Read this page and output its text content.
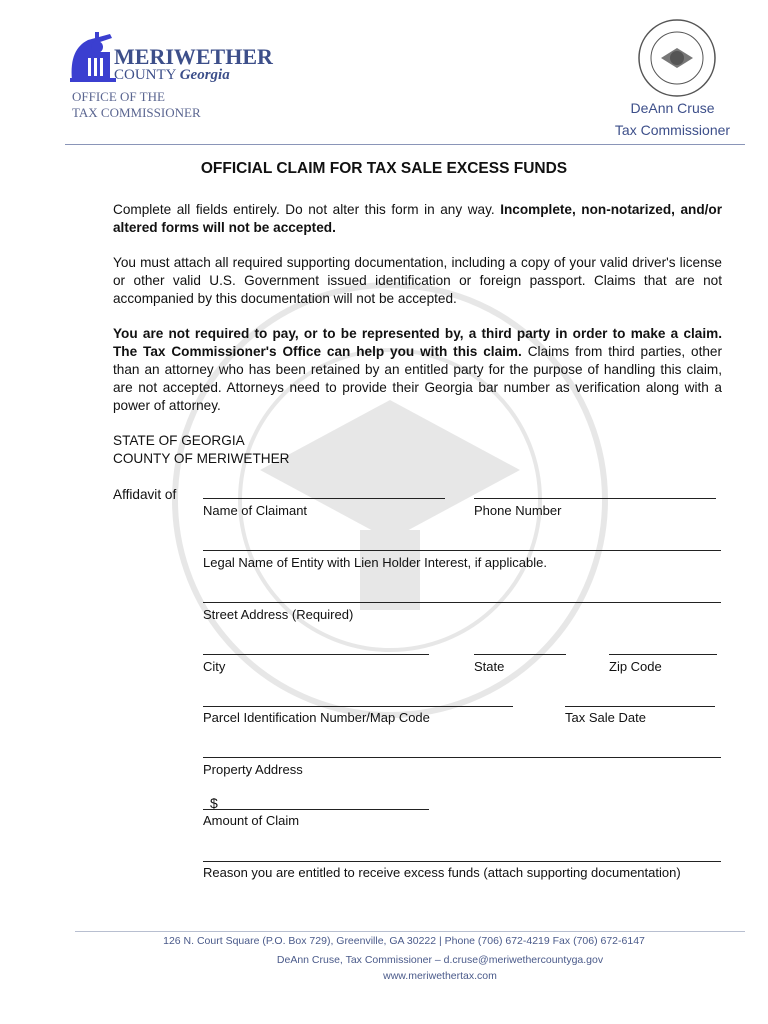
MERIWETHER
COUNTY Georgia
OFFICE OF THE
TAX COMMISSIONER	DeAnn Cruse
Tax Commissioner
OFFICIAL CLAIM FOR TAX SALE EXCESS FUNDS
Complete all fields entirely. Do not alter this form in any way. Incomplete, non-notarized, and/or altered forms will not be accepted.
You must attach all required supporting documentation, including a copy of your valid driver's license or other valid U.S. Government issued identification or foreign passport. Claims that are not accompanied by this documentation will not be accepted.
You are not required to pay, or to be represented by, a third party in order to make a claim. The Tax Commissioner's Office can help you with this claim. Claims from third parties, other than an attorney who has been retained by an entitled party for the purpose of handling this claim, are not accepted. Attorneys need to provide their Georgia bar number as verification along with a power of attorney.
STATE OF GEORGIA
COUNTY OF MERIWETHER
Affidavit of
Name of Claimant	Phone Number
Legal Name of Entity with Lien Holder Interest, if applicable.
Street Address (Required)
City	State	Zip Code
Parcel Identification Number/Map Code	Tax Sale Date
Property Address
$
Amount of Claim
Reason you are entitled to receive excess funds (attach supporting documentation)
126 N. Court Square (P.O. Box 729), Greenville, GA 30222 | Phone (706) 672-4219 Fax (706) 672-6147
DeAnn Cruse, Tax Commissioner – d.cruse@meriwethercountyga.gov
www.meriwethertax.com
